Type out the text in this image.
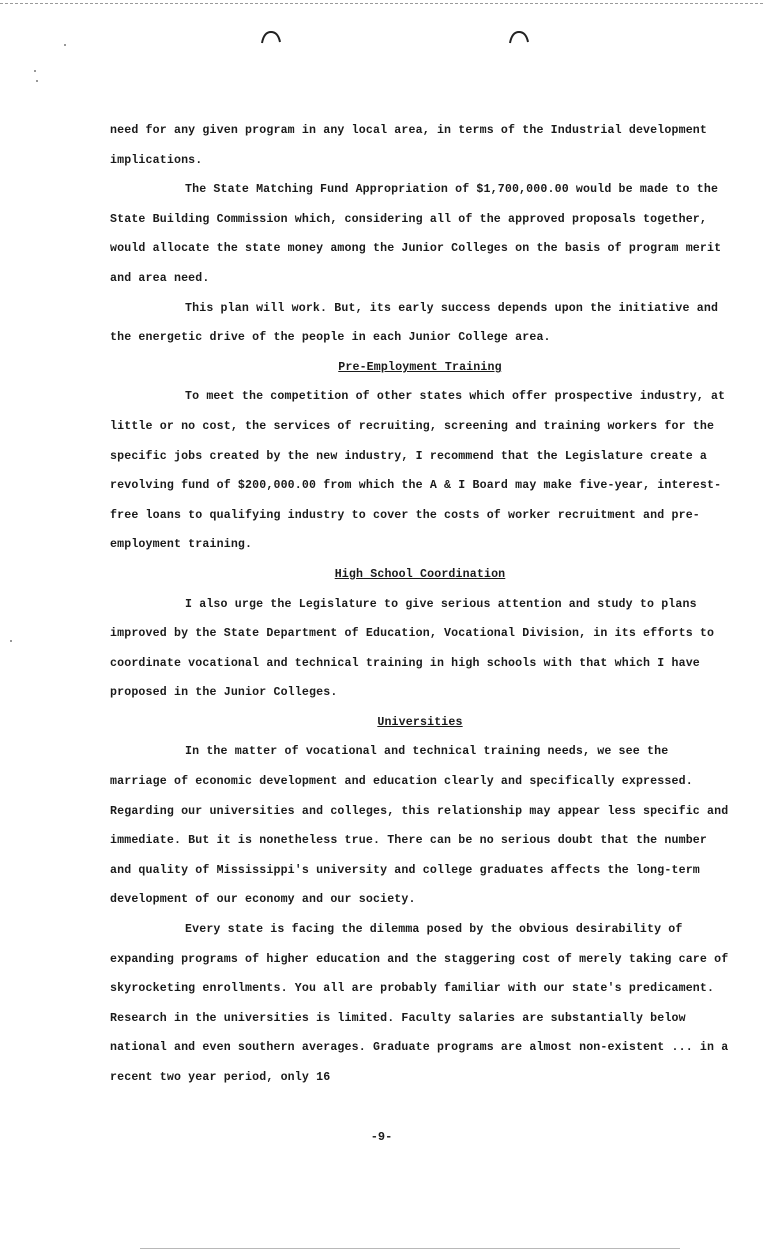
need for any given program in any local area, in terms of the Industrial development implications.

The State Matching Fund Appropriation of $1,700,000.00 would be made to the State Building Commission which, considering all of the approved proposals together, would allocate the state money among the Junior Colleges on the basis of program merit and area need.

This plan will work. But, its early success depends upon the initiative and the energetic drive of the people in each Junior College area.

Pre-Employment Training

To meet the competition of other states which offer prospective industry, at little or no cost, the services of recruiting, screening and training workers for the specific jobs created by the new industry, I recommend that the Legislature create a revolving fund of $200,000.00 from which the A & I Board may make five-year, interest-free loans to qualifying industry to cover the costs of worker recruitment and pre-employment training.

High School Coordination

I also urge the Legislature to give serious attention and study to plans improved by the State Department of Education, Vocational Division, in its efforts to coordinate vocational and technical training in high schools with that which I have proposed in the Junior Colleges.

Universities

In the matter of vocational and technical training needs, we see the marriage of economic development and education clearly and specifically expressed. Regarding our universities and colleges, this relationship may appear less specific and immediate. But it is nonetheless true. There can be no serious doubt that the number and quality of Mississippi's university and college graduates affects the long-term development of our economy and our society.

Every state is facing the dilemma posed by the obvious desirability of expanding programs of higher education and the staggering cost of merely taking care of skyrocketing enrollments. You all are probably familiar with our state's predicament. Research in the universities is limited. Faculty salaries are substantially below national and even southern averages. Graduate programs are almost non-existent ... in a recent two year period, only 16

-9-
